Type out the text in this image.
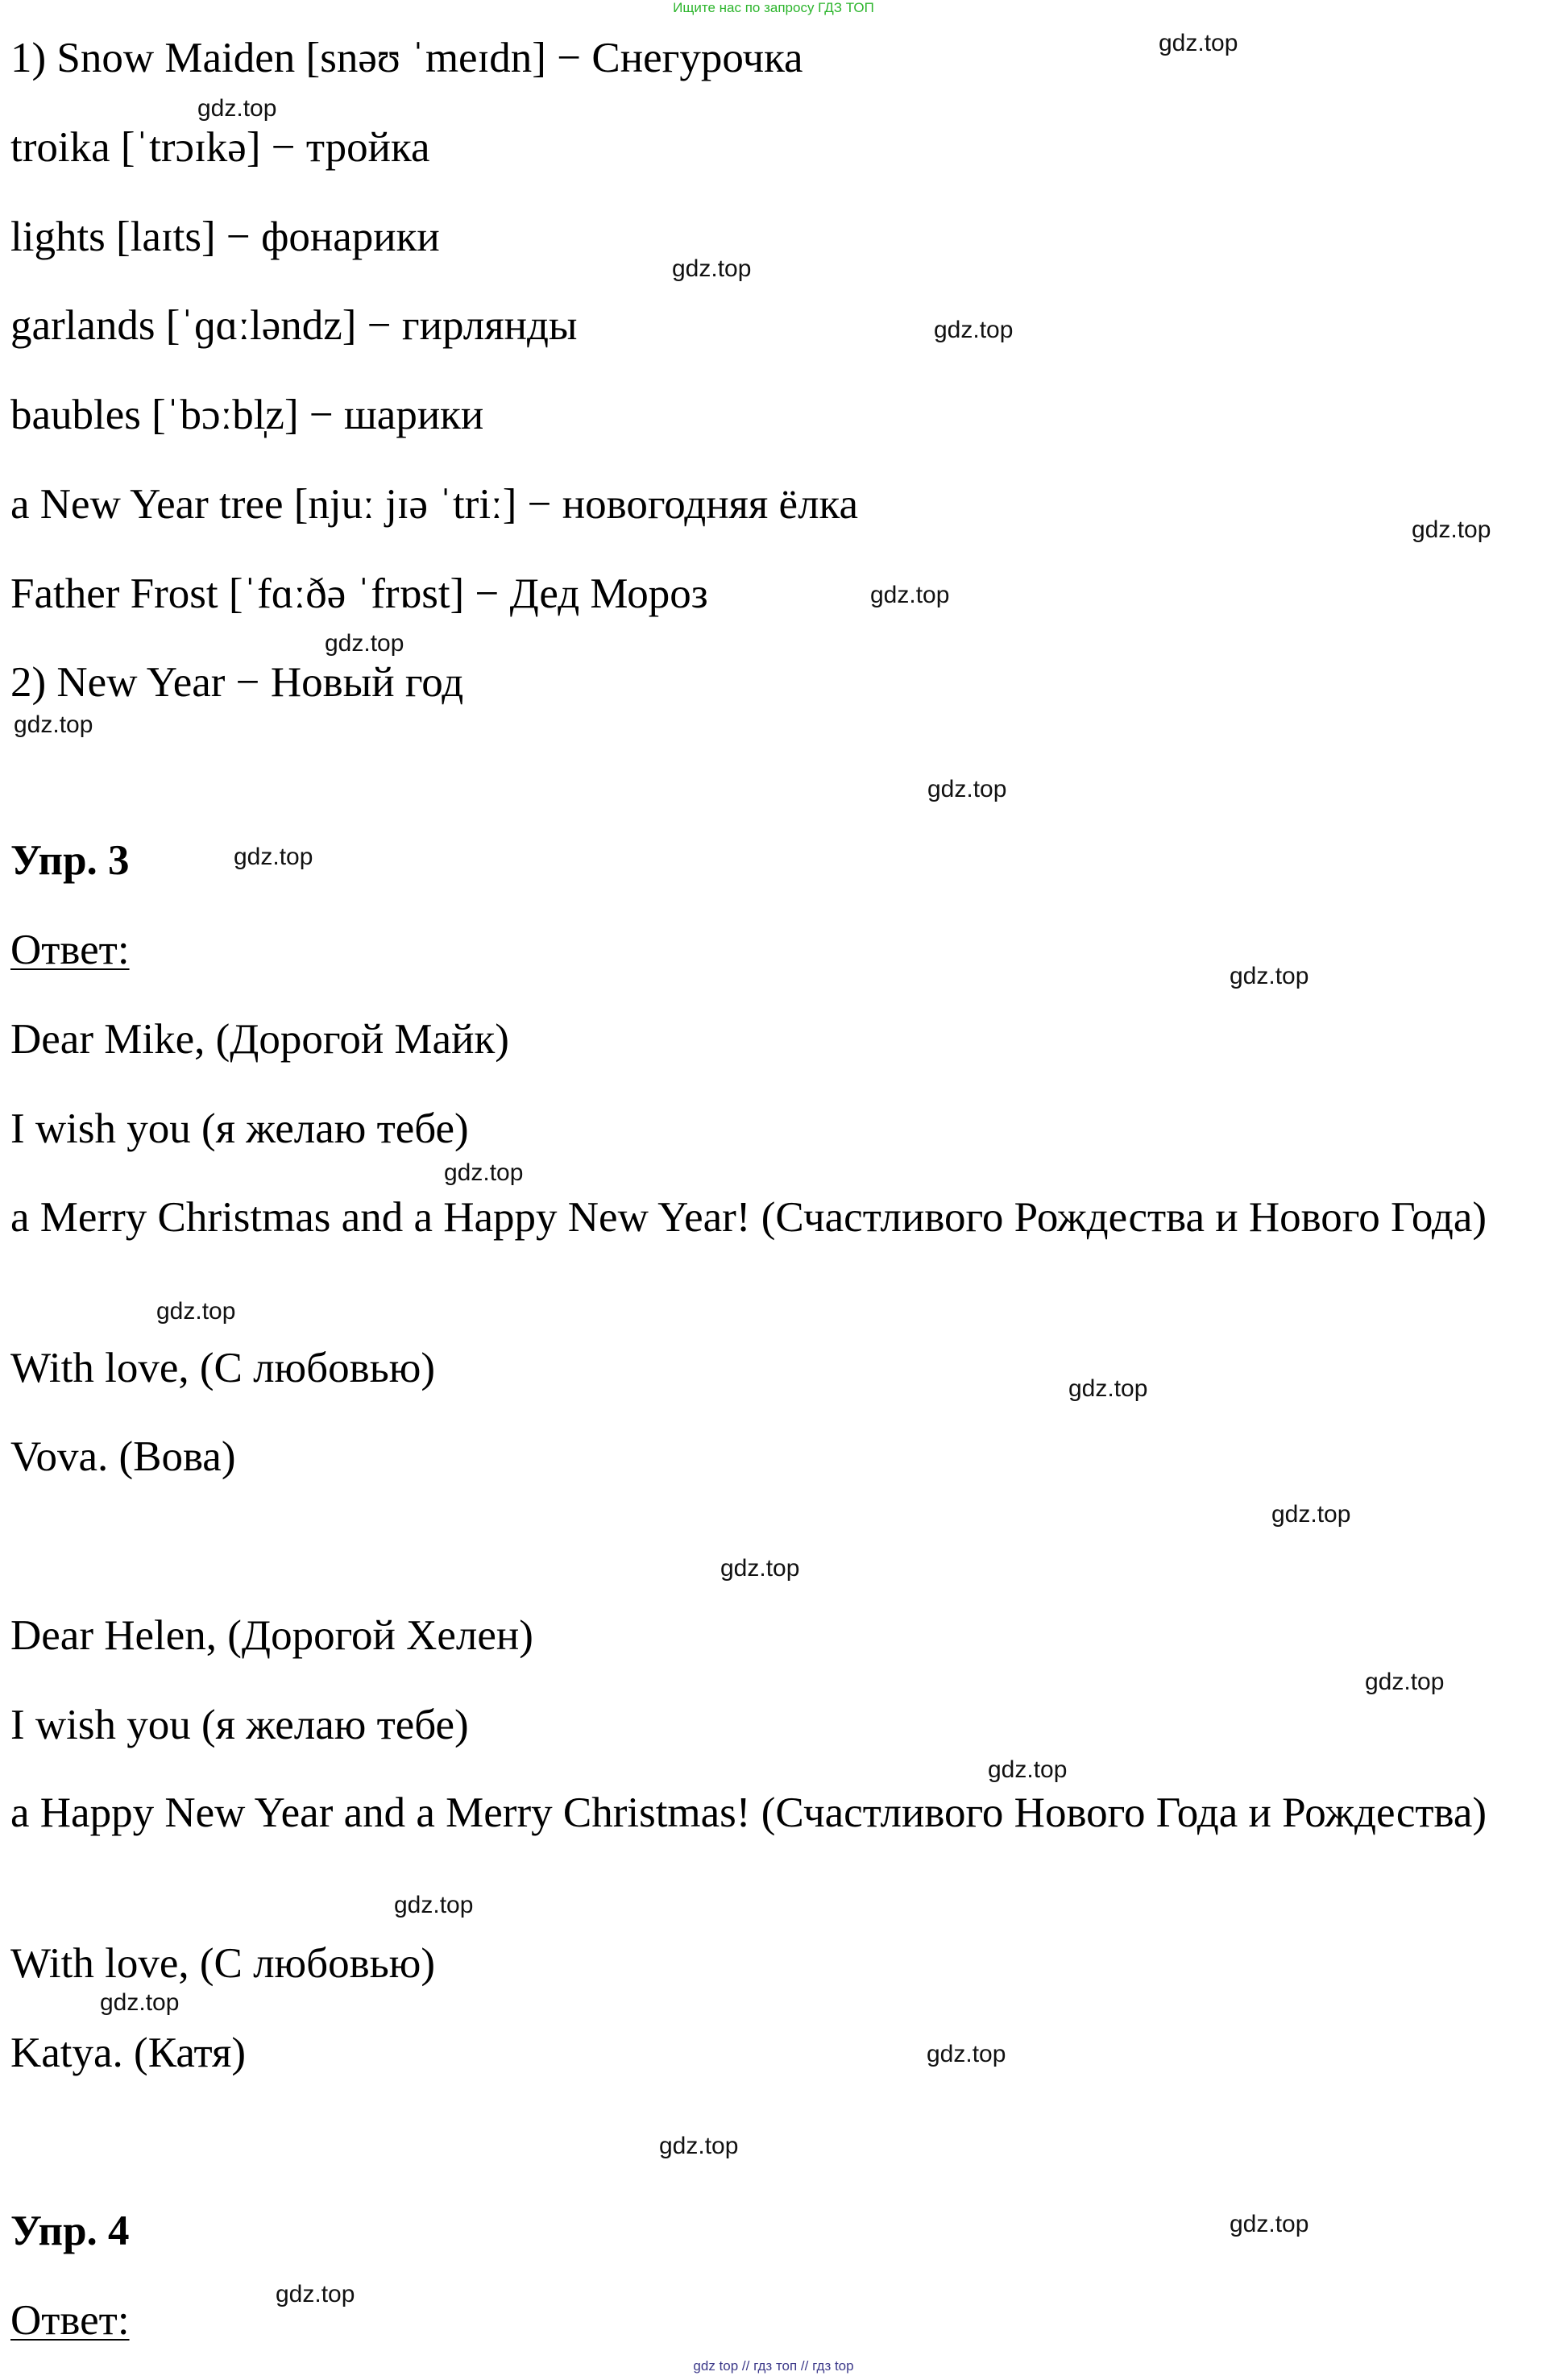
Ищите нас по запросу ГДЗ ТОП
1) Snow Maiden [snəʊ ˈmeɪdn] − Снегурочка
troika [ˈtrɔɪkə] − тройка
lights [laɪts] − фонарики
garlands [ˈɡɑːləndz] − гирлянды
baubles [ˈbɔːbl̩z] − шарики
a New Year tree [njuː jɪə ˈtriː] − новогодняя ёлка
Father Frost [ˈfɑːðə ˈfrɒst] − Дед Мороз
2) New Year − Новый год
Упр. 3
Ответ:
Dear Mike, (Дорогой Майк)
I wish you (я желаю тебе)
a Merry Christmas and a Happy New Year! (Счастливого Рождества и Нового Года)
With love, (С любовью)
Vova. (Вова)
Dear Helen, (Дорогой Хелен)
I wish you (я желаю тебе)
a Happy New Year and a Merry Christmas! (Счастливого Нового Года и Рождества)
With love, (С любовью)
Katya. (Катя)
Упр. 4
Ответ:
gdz.top
gdz.top
gdz.top
gdz.top
gdz.top
gdz.top
gdz.top
gdz.top
gdz.top
gdz.top
gdz.top
gdz.top
gdz.top
gdz.top
gdz.top
gdz.top
gdz.top
gdz.top
gdz.top
gdz.top
gdz.top
gdz.top
gdz.top
gdz.top
gdz top // гдз топ // гдз top
